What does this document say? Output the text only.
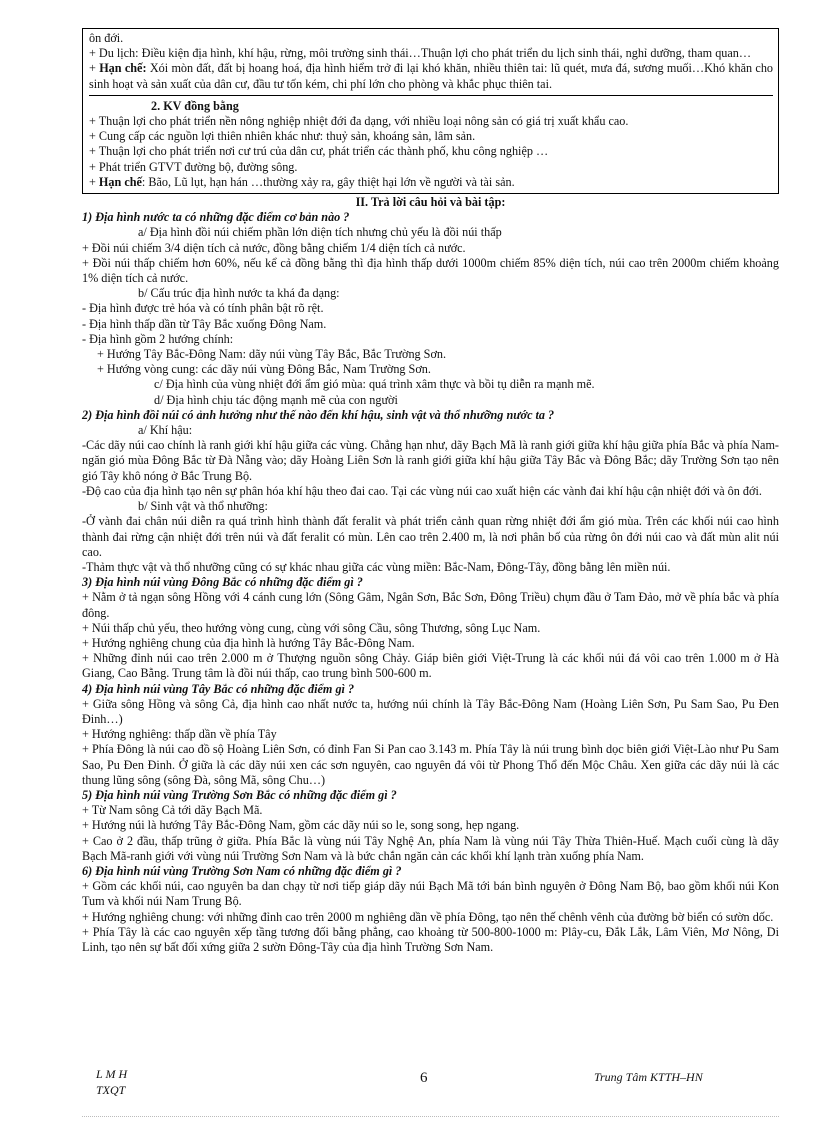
ôn đới.
+ Du lịch: Điều kiện địa hình, khí hậu, rừng, môi trường sinh thái…Thuận lợi cho phát triển du lịch sinh thái, nghỉ dưỡng, tham quan…
+ Hạn chế: Xói mòn đất, đất bị hoang hoá, địa hình hiểm trở đi lại khó khăn, nhiều thiên tai: lũ quét, mưa đá, sương muối…Khó khăn cho sinh hoạt và sản xuất của dân cư, đầu tư tốn kém, chi phí lớn cho phòng và khắc phục thiên tai.
2. KV đồng bằng
+ Thuận lợi cho phát triển nền nông nghiệp nhiệt đới đa dạng, với nhiều loại nông sản có giá trị xuất khẩu cao.
+ Cung cấp các nguồn lợi thiên nhiên khác như: thuỷ sản, khoáng sản, lâm sản.
+ Thuận lợi cho phát triển nơi cư trú của dân cư, phát triển các thành phố, khu công nghiệp …
+ Phát triển GTVT đường bộ, đường sông.
+ Hạn chế: Bão, Lũ lụt, hạn hán …thường xảy ra, gây thiệt hại lớn về người và tài sản.
II. Trả lời câu hỏi và bài tập:
1) Địa hình nước ta có những đặc điểm cơ bản nào ?
a/ Địa hình đồi núi chiếm phần lớn diện tích nhưng chủ yếu là đồi núi thấp
+ Đồi núi chiếm 3/4 diện tích cả nước, đồng bằng chiếm 1/4 diện tích cả nước.
+ Đồi núi thấp chiếm hơn 60%, nếu kể cả đồng bằng thì địa hình thấp dưới 1000m chiếm 85% diện tích, núi cao trên 2000m chiếm khoảng 1% diện tích cả nước.
b/ Cấu trúc địa hình nước ta khá đa dạng:
- Địa hình được trẻ hóa và có tính phân bật rõ rệt.
- Địa hình thấp dần từ Tây Bắc xuống Đông Nam.
- Địa hình gồm 2 hướng chính:
+ Hướng Tây Bắc-Đông Nam: dãy núi vùng Tây Bắc, Bắc Trường Sơn.
+ Hướng vòng cung: các dãy núi vùng Đông Bắc, Nam Trường Sơn.
c/ Địa hình của vùng nhiệt đới ẩm gió mùa: quá trình xâm thực và bồi tụ diễn ra mạnh mẽ.
d/ Địa hình chịu tác động mạnh mẽ của con người
2) Địa hình đồi núi có ảnh hưởng như thế nào đến khí hậu, sinh vật và thổ nhưỡng nước ta ?
a/ Khí hậu:
-Các dãy núi cao chính là ranh giới khí hậu giữa các vùng. Chẳng hạn như, dãy Bạch Mã là ranh giới giữa khí hậu giữa phía Bắc và phía Nam-ngăn gió mùa Đông Bắc từ Đà Nẵng vào; dãy Hoàng Liên Sơn là ranh giới giữa khí hậu giữa Tây Bắc và Đông Bắc; dãy Trường Sơn tạo nên gió Tây khô nóng ở Bắc Trung Bộ.
-Độ cao của địa hình tạo nên sự phân hóa khí hậu theo đai cao. Tại các vùng núi cao xuất hiện các vành đai khí hậu cận nhiệt đới và ôn đới.
b/ Sinh vật và thổ nhưỡng:
-Ở vành đai chân núi diễn ra quá trình hình thành đất feralit và phát triển cảnh quan rừng nhiệt đới ẩm gió mùa. Trên các khối núi cao hình thành đai rừng cận nhiệt đới trên núi và đất feralit có mùn. Lên cao trên 2.400 m, là nơi phân bố của rừng ôn đới núi cao và đất mùn alit núi cao.
-Thảm thực vật và thổ nhưỡng cũng có sự khác nhau giữa các vùng miền: Bắc-Nam, Đông-Tây, đồng bằng lên miền núi.
3) Địa hình núi vùng Đông Bắc có những đặc điểm gì ?
+ Nằm ở tả ngạn sông Hồng với 4 cánh cung lớn (Sông Gâm, Ngân Sơn, Bắc Sơn, Đông Triều) chụm đầu ở Tam Đảo, mở về phía bắc và phía đông.
+ Núi thấp chủ yếu, theo hướng vòng cung, cùng với sông Cầu, sông Thương, sông Lục Nam.
+ Hướng nghiêng chung của địa hình là hướng Tây Bắc-Đông Nam.
+ Những đỉnh núi cao trên 2.000 m ở Thượng nguồn sông Chảy. Giáp biên giới Việt-Trung là các khối núi đá vôi cao trên 1.000 m ở Hà Giang, Cao Bằng. Trung tâm là đồi núi thấp, cao trung bình 500-600 m.
4) Địa hình núi vùng Tây Bắc có những đặc điểm gì ?
+ Giữa sông Hồng và sông Cả, địa hình cao nhất nước ta, hướng núi chính là Tây Bắc-Đông Nam (Hoàng Liên Sơn, Pu Sam Sao, Pu Đen Đinh…)
+ Hướng nghiêng: thấp dần về phía Tây
+ Phía Đông là núi cao đồ sộ Hoàng Liên Sơn, có đỉnh Fan Si Pan cao 3.143 m. Phía Tây là núi trung bình dọc biên giới Việt-Lào như Pu Sam Sao, Pu Đen Đinh. Ở giữa là các dãy núi xen các sơn nguyên, cao nguyên đá vôi từ Phong Thổ đến Mộc Châu. Xen giữa các dãy núi là các thung lũng sông (sông Đà, sông Mã, sông Chu…)
5) Địa hình núi vùng Trường Sơn Bắc có những đặc điểm gì ?
+ Từ Nam sông Cả tới dãy Bạch Mã.
+ Hướng núi là hướng Tây Bắc-Đông Nam, gồm các dãy núi so le, song song, hẹp ngang.
+ Cao ở 2 đầu, thấp trũng ở giữa. Phía Bắc là vùng núi Tây Nghệ An, phía Nam là vùng núi Tây Thừa Thiên-Huế. Mạch cuối cùng là dãy Bạch Mã-ranh giới với vùng núi Trường Sơn Nam và là bức chắn ngăn cản các khối khí lạnh tràn xuống phía Nam.
6) Địa hình núi vùng Trường Sơn Nam có những đặc điểm gì ?
+ Gồm các khối núi, cao nguyên ba dan chạy từ nơi tiếp giáp dãy núi Bạch Mã tới bán bình nguyên ở Đông Nam Bộ, bao gồm khối núi Kon Tum và khối núi Nam Trung Bộ.
+ Hướng nghiêng chung: với những đỉnh cao trên 2000 m nghiêng dần về phía Đông, tạo nên thế chênh vênh của đường bờ biển có sườn dốc.
+ Phía Tây là các cao nguyên xếp tầng tương đối bằng phẳng, cao khoảng từ 500-800-1000 m: Plây-cu, Đắk Lắk, Lâm Viên, Mơ Nông, Di Linh, tạo nên sự bất đối xứng giữa 2 sườn Đông-Tây của địa hình Trường Sơn Nam.
L M H
TXQT
6	Trung Tâm KTTH–HN
